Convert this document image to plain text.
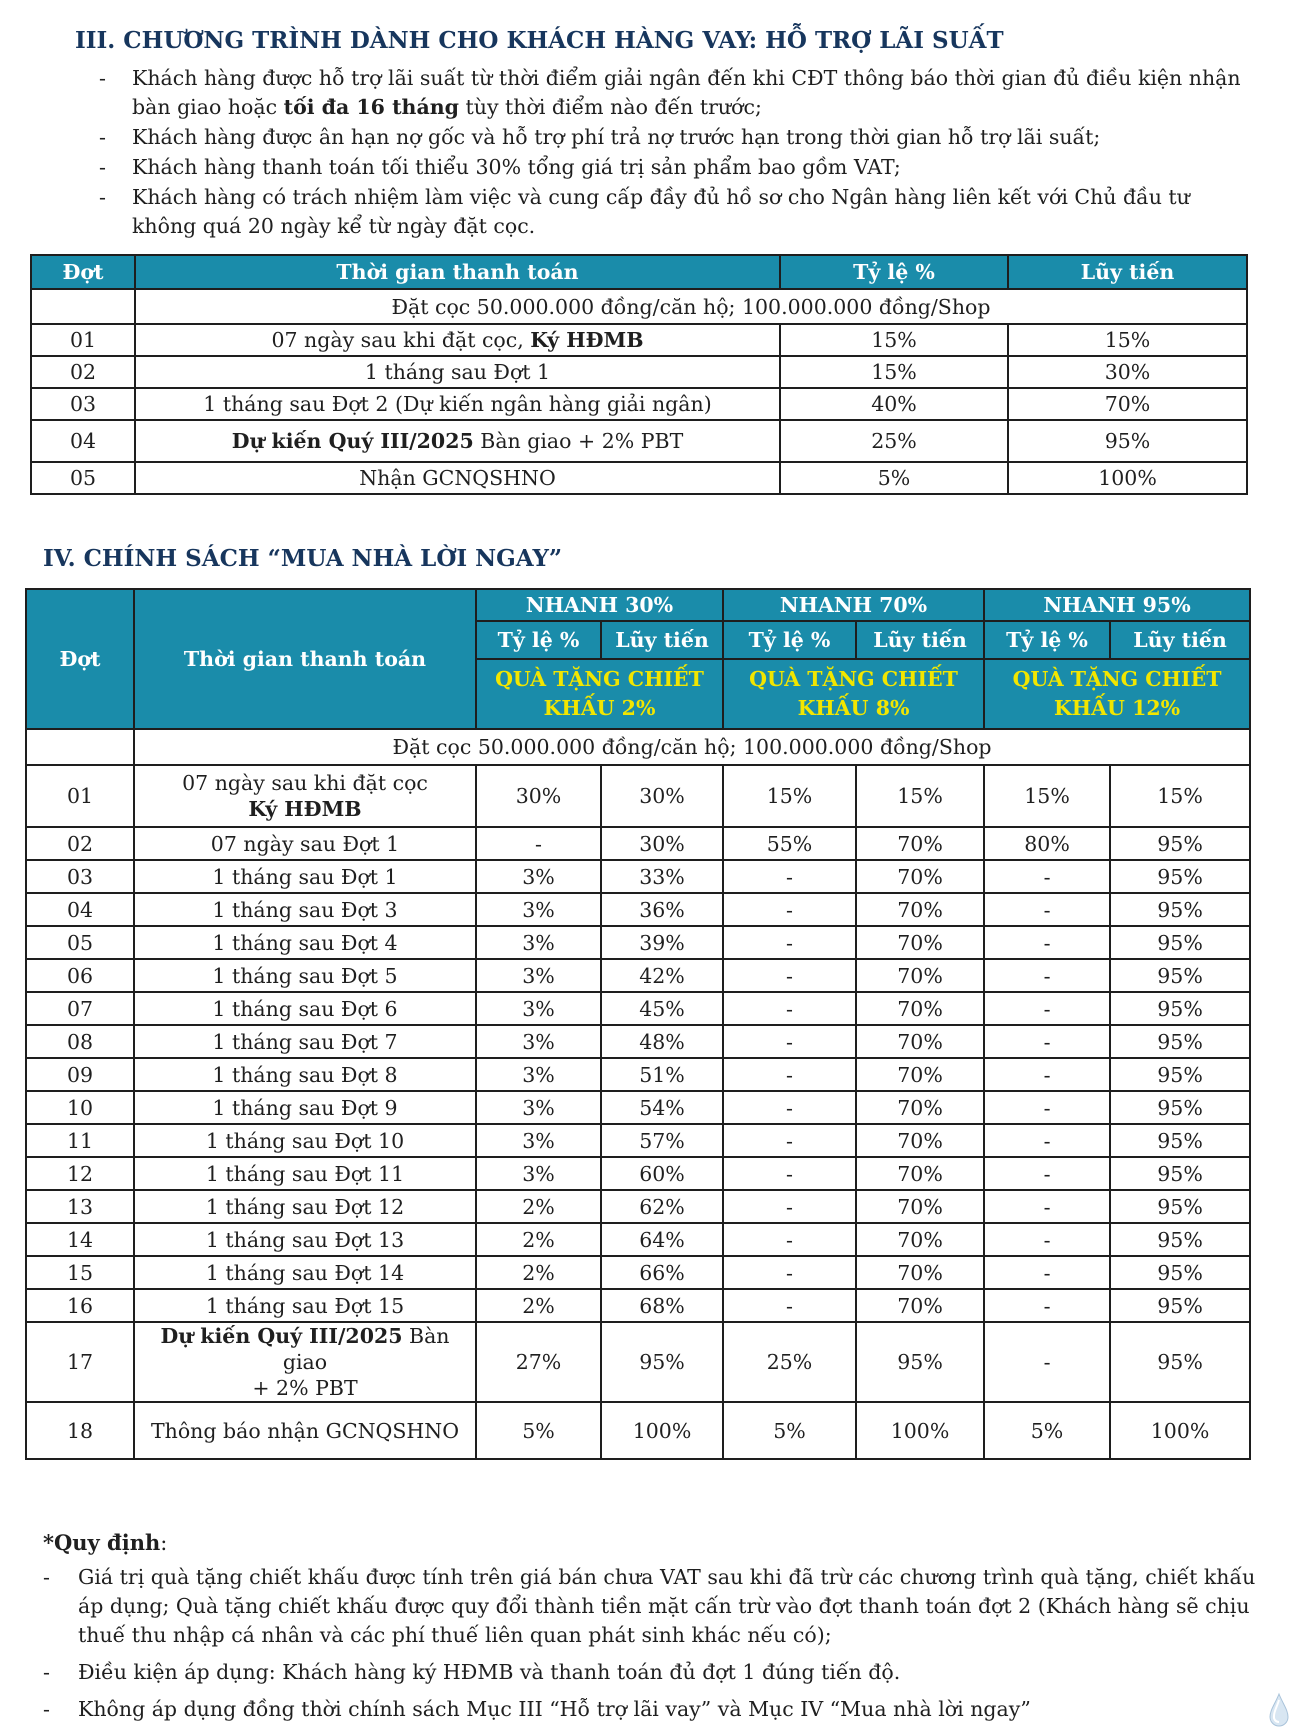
III. CHƯƠNG TRÌNH DÀNH CHO KHÁCH HÀNG VAY: HỖ TRỢ LÃI SUẤT
- Khách hàng được hỗ trợ lãi suất từ thời điểm giải ngân đến khi CĐT thông báo thời gian đủ điều kiện nhận bàn giao hoặc tối đa 16 tháng tùy thời điểm nào đến trước;
- Khách hàng được ân hạn nợ gốc và hỗ trợ phí trả nợ trước hạn trong thời gian hỗ trợ lãi suất;
- Khách hàng thanh toán tối thiểu 30% tổng giá trị sản phẩm bao gồm VAT;
- Khách hàng có trách nhiệm làm việc và cung cấp đầy đủ hồ sơ cho Ngân hàng liên kết với Chủ đầu tư không quá 20 ngày kể từ ngày đặt cọc.
Đợt	Thời gian thanh toán	Tỷ lệ %	Lũy tiến
	Đặt cọc 50.000.000 đồng/căn hộ; 100.000.000 đồng/Shop		
01	07 ngày sau khi đặt cọc, Ký HĐMB	15%	15%
02	1 tháng sau Đợt 1	15%	30%
03	1 tháng sau Đợt 2 (Dự kiến ngân hàng giải ngân)	40%	70%
04	Dự kiến Quý III/2025 Bàn giao + 2% PBT	25%	95%
05	Nhận GCNQSHNO	5%	100%
IV. CHÍNH SÁCH “MUA NHÀ LỜI NGAY”
Đợt	Thời gian thanh toán	NHANH 30%		NHANH 70%		NHANH 95%	
		Tỷ lệ %	Lũy tiến	Tỷ lệ %	Lũy tiến	Tỷ lệ %	Lũy tiến
		QUÀ TẶNG CHIẾT
KHẤU 2%		QUÀ TẶNG CHIẾT
KHẤU 8%		QUÀ TẶNG CHIẾT
KHẤU 12%	
	Đặt cọc 50.000.000 đồng/căn hộ; 100.000.000 đồng/Shop						
01	07 ngày sau khi đặt cọc
Ký HĐMB	30%	30%	15%	15%	15%	15%
02	07 ngày sau Đợt 1	-	30%	55%	70%	80%	95%
03	1 tháng sau Đợt 1	3%	33%	-	70%	-	95%
04	1 tháng sau Đợt 3	3%	36%	-	70%	-	95%
05	1 tháng sau Đợt 4	3%	39%	-	70%	-	95%
06	1 tháng sau Đợt 5	3%	42%	-	70%	-	95%
07	1 tháng sau Đợt 6	3%	45%	-	70%	-	95%
08	1 tháng sau Đợt 7	3%	48%	-	70%	-	95%
09	1 tháng sau Đợt 8	3%	51%	-	70%	-	95%
10	1 tháng sau Đợt 9	3%	54%	-	70%	-	95%
11	1 tháng sau Đợt 10	3%	57%	-	70%	-	95%
12	1 tháng sau Đợt 11	3%	60%	-	70%	-	95%
13	1 tháng sau Đợt 12	2%	62%	-	70%	-	95%
14	1 tháng sau Đợt 13	2%	64%	-	70%	-	95%
15	1 tháng sau Đợt 14	2%	66%	-	70%	-	95%
16	1 tháng sau Đợt 15	2%	68%	-	70%	-	95%
17	Dự kiến Quý III/2025 Bàn giao
+ 2% PBT	27%	95%	25%	95%	-	95%
18	Thông báo nhận GCNQSHNO	5%	100%	5%	100%	5%	100%
*Quy định:
- Giá trị quà tặng chiết khấu được tính trên giá bán chưa VAT sau khi đã trừ các chương trình quà tặng, chiết khấu áp dụng; Quà tặng chiết khấu được quy đổi thành tiền mặt cấn trừ vào đợt thanh toán đợt 2 (Khách hàng sẽ chịu thuế thu nhập cá nhân và các phí thuế liên quan phát sinh khác nếu có);
- Điều kiện áp dụng: Khách hàng ký HĐMB và thanh toán đủ đợt 1 đúng tiến độ.
- Không áp dụng đồng thời chính sách Mục III “Hỗ trợ lãi vay” và Mục IV “Mua nhà lời ngay”
